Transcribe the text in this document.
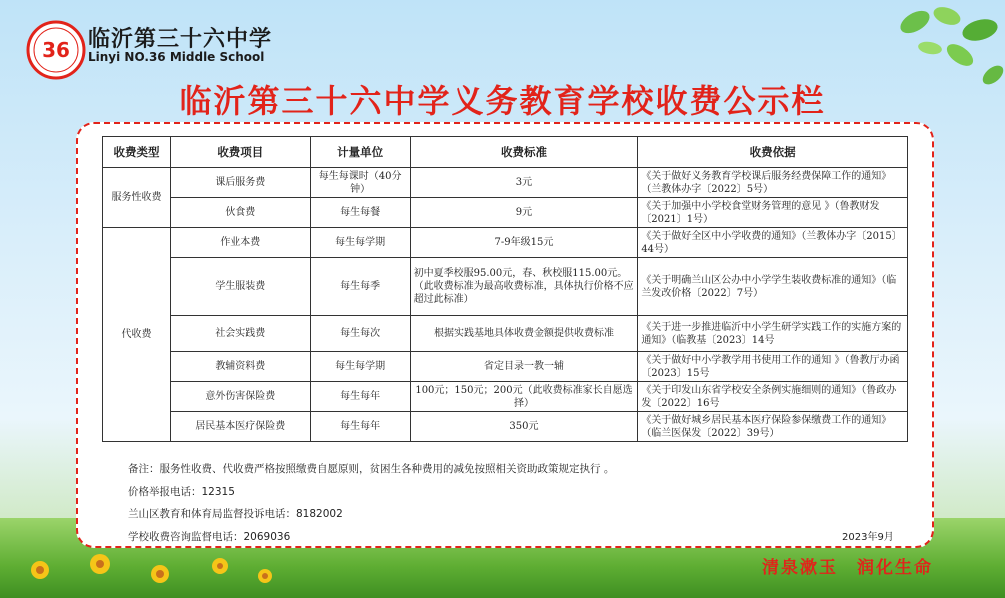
36 临沂第三十六中学
Linyi NO.36 Middle School
临沂第三十六中学义务教育学校收费公示栏
收费类型	收费项目	计量单位	收费标准	收费依据
服务性收费	课后服务费	每生每课时（40分钟）	3元	《关于做好义务教育学校课后服务经费保障工作的通知》（兰教体办字〔2022〕5号）
	伙食费	每生每餐	9元	《关于加强中小学校食堂财务管理的意见 》（鲁教财发〔2021〕1号）
代收费	作业本费	每生每学期	7-9年级15元	《关于做好全区中小学收费的通知》（兰教体办字〔2015〕44号）
	学生服装费	每生每季	初中夏季校服95.00元，春、秋校服115.00元。（此收费标准为最高收费标准，具体执行价格不应超过此标准）	《关于明确兰山区公办中小学学生装收费标准的通知》（临兰发改价格〔2022〕7号）
	社会实践费	每生每次	根据实践基地具体收费金额提供收费标准	《关于进一步推进临沂中小学生研学实践工作的实施方案的通知》（临教基〔2023〕14号
	教辅资料费	每生每学期	省定目录一教一辅	《关于做好中小学教学用书使用工作的通知 》（鲁教厅办函〔2023〕15号
	意外伤害保险费	每生每年	100元；150元；200元（此收费标准家长自愿选择）	《关于印发山东省学校安全条例实施细则的通知》（鲁政办发〔2022〕16号
	居民基本医疗保险费	每生每年	350元	《关于做好城乡居民基本医疗保险参保缴费工作的通知》（临兰医保发〔2022〕39号）
备注：服务性收费、代收费严格按照缴费自愿原则，贫困生各种费用的减免按照相关资助政策规定执行 。
价格举报电话：12315
兰山区教育和体育局监督投诉电话：8182002
学校收费咨询监督电话：2069036	2023年9月
清泉漱玉　润化生命
